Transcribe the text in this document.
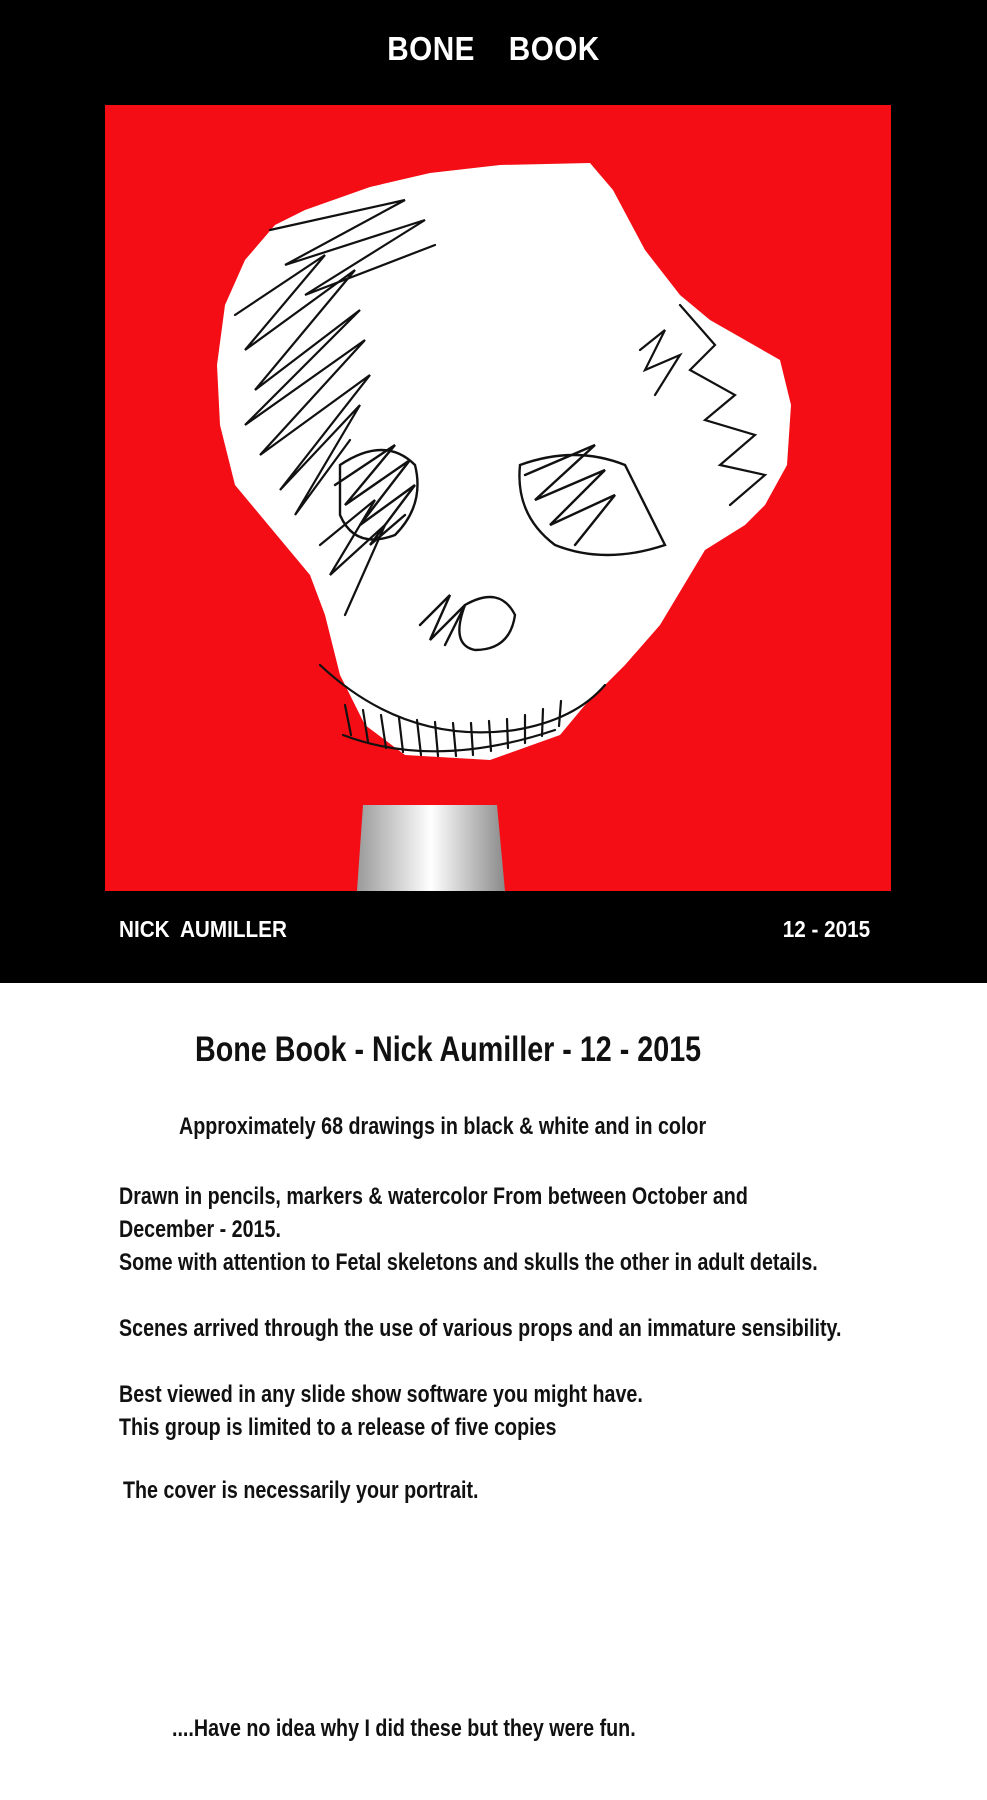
BONE BOOK
NICK AUMILLER	12 - 2015
Bone Book - Nick Aumiller - 12 - 2015
Approximately 68 drawings in black & white and in color
Drawn in pencils, markers & watercolor From between October and
December - 2015.
Some with attention to Fetal skeletons and skulls the other in adult details.
Scenes arrived through the use of various props and an immature sensibility.
Best viewed in any slide show software you might have.
This group is limited to a release of five copies
The cover is necessarily your portrait.
....Have no idea why I did these but they were fun.
